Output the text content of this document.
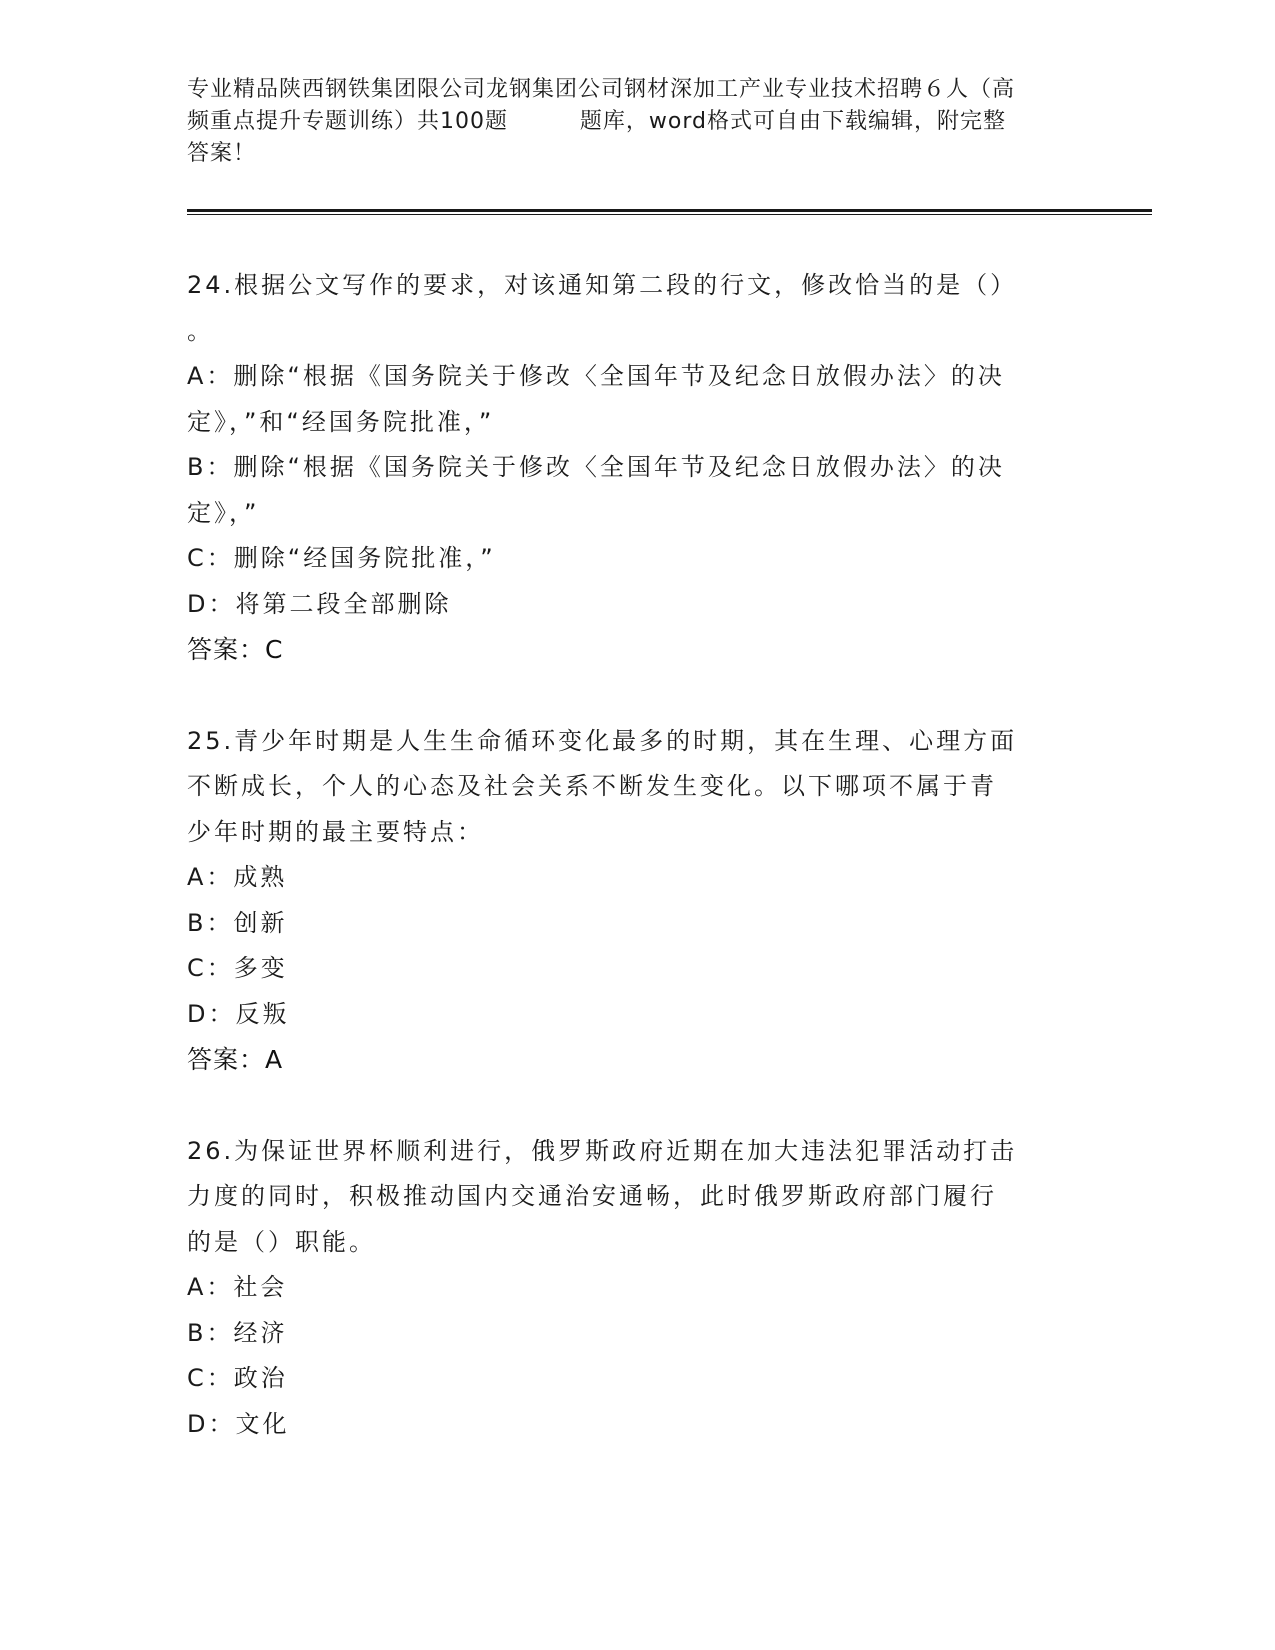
专业精品陕西钢铁集团限公司龙钢集团公司钢材深加工产业专业技术招聘６人（高
频重点提升专题训练）共100题         题库，word格式可自由下载编辑，附完整
答案！
24.根据公文写作的要求，对该通知第二段的行文，修改恰当的是（）
。
A：删除“根据《国务院关于修改〈全国年节及纪念日放假办法〉的决
定》，”和“经国务院批准，”
B：删除“根据《国务院关于修改〈全国年节及纪念日放假办法〉的决
定》，”
C：删除“经国务院批准，”
D：将第二段全部删除
答案：C
25.青少年时期是人生生命循环变化最多的时期，其在生理、心理方面
不断成长，个人的心态及社会关系不断发生变化。以下哪项不属于青
少年时期的最主要特点：
A：成熟
B：创新
C：多变
D：反叛
答案：A
26.为保证世界杯顺利进行，俄罗斯政府近期在加大违法犯罪活动打击
力度的同时，积极推动国内交通治安通畅，此时俄罗斯政府部门履行
的是（）职能。
A：社会
B：经济
C：政治
D：文化
